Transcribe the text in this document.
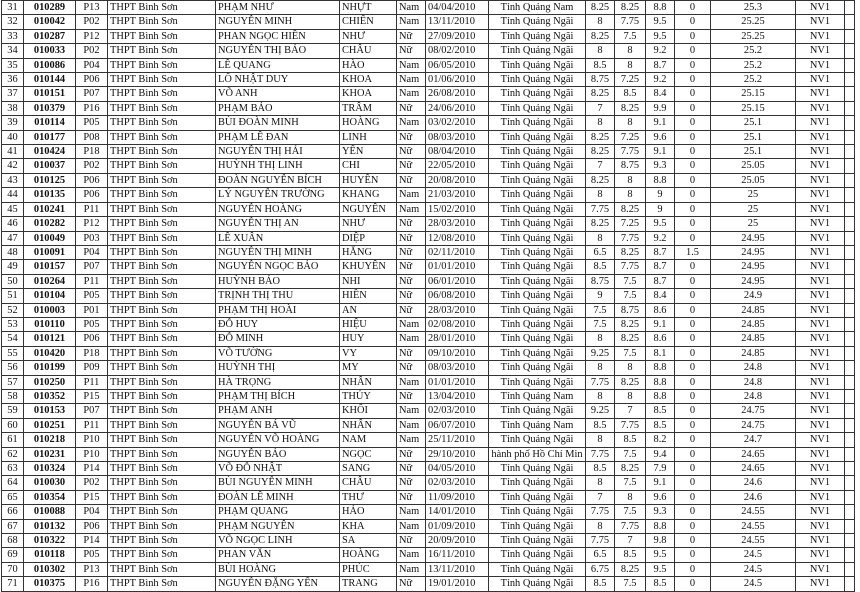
31	010289	P13	THPT Bình Sơn	PHẠM NHƯ	NHỰT	Nam	04/04/2010	Tỉnh Quảng Nam	8.25	8.25	8.8	0	25.3	NV1	
32	010042	P02	THPT Bình Sơn	NGUYỄN MINH	CHIẾN	Nam	13/11/2010	Tỉnh Quảng Ngãi	8	7.75	9.5	0	25.25	NV1	
33	010287	P12	THPT Bình Sơn	PHAN NGỌC HIỀN	NHƯ	Nữ	27/09/2010	Tỉnh Quảng Ngãi	8.25	7.5	9.5	0	25.25	NV1	
34	010033	P02	THPT Bình Sơn	NGUYỄN THỊ BẢO	CHÂU	Nữ	08/02/2010	Tỉnh Quảng Ngãi	8	8	9.2	0	25.2	NV1	
35	010086	P04	THPT Bình Sơn	LÊ QUANG	HÀO	Nam	06/05/2010	Tỉnh Quảng Ngãi	8.5	8	8.7	0	25.2	NV1	
36	010144	P06	THPT Bình Sơn	LÔ NHẬT DUY	KHOA	Nam	01/06/2010	Tỉnh Quảng Ngãi	8.75	7.25	9.2	0	25.2	NV1	
37	010151	P07	THPT Bình Sơn	VÕ ANH	KHOA	Nam	26/08/2010	Tỉnh Quảng Ngãi	8.25	8.5	8.4	0	25.15	NV1	
38	010379	P16	THPT Bình Sơn	PHẠM BẢO	TRÂM	Nữ	24/06/2010	Tỉnh Quảng Ngãi	7	8.25	9.9	0	25.15	NV1	
39	010114	P05	THPT Bình Sơn	BÙI ĐOÀN MINH	HOÀNG	Nam	03/02/2010	Tỉnh Quảng Ngãi	8	8	9.1	0	25.1	NV1	
40	010177	P08	THPT Bình Sơn	PHẠM LÊ ĐAN	LINH	Nữ	08/03/2010	Tỉnh Quảng Ngãi	8.25	7.25	9.6	0	25.1	NV1	
41	010424	P18	THPT Bình Sơn	NGUYỄN THỊ HẢI	YẾN	Nữ	08/04/2010	Tỉnh Quảng Ngãi	8.25	7.75	9.1	0	25.1	NV1	
42	010037	P02	THPT Bình Sơn	HUỲNH THỊ LINH	CHI	Nữ	22/05/2010	Tỉnh Quảng Ngãi	7	8.75	9.3	0	25.05	NV1	
43	010125	P06	THPT Bình Sơn	ĐOÀN NGUYỄN BÍCH	HUYỀN	Nữ	20/08/2010	Tỉnh Quảng Ngãi	8.25	8	8.8	0	25.05	NV1	
44	010135	P06	THPT Bình Sơn	LÝ NGUYỄN TRƯỜNG	KHANG	Nam	21/03/2010	Tỉnh Quảng Ngãi	8	8	9	0	25	NV1	
45	010241	P11	THPT Bình Sơn	NGUYỄN HOÀNG	NGUYÊN	Nam	15/02/2010	Tỉnh Quảng Ngãi	7.75	8.25	9	0	25	NV1	
46	010282	P12	THPT Bình Sơn	NGUYỄN THỊ AN	NHƯ	Nữ	28/03/2010	Tỉnh Quảng Ngãi	8.25	7.25	9.5	0	25	NV1	
47	010049	P03	THPT Bình Sơn	LÊ XUÂN	DIỆP	Nữ	12/08/2010	Tỉnh Quảng Ngãi	8	7.75	9.2	0	24.95	NV1	
48	010091	P04	THPT Bình Sơn	NGUYỄN THỊ MINH	HẰNG	Nữ	02/11/2010	Tỉnh Quảng Ngãi	6.5	8.25	8.7	1.5	24.95	NV1	
49	010157	P07	THPT Bình Sơn	NGUYỄN NGỌC BẢO	KHUYÊN	Nữ	01/01/2010	Tỉnh Quảng Ngãi	8.5	7.75	8.7	0	24.95	NV1	
50	010264	P11	THPT Bình Sơn	HUỲNH BẢO	NHI	Nữ	06/01/2010	Tỉnh Quảng Ngãi	8.75	7.5	8.7	0	24.95	NV1	
51	010104	P05	THPT Bình Sơn	TRỊNH THỊ THU	HIỀN	Nữ	06/08/2010	Tỉnh Quảng Ngãi	9	7.5	8.4	0	24.9	NV1	
52	010003	P01	THPT Bình Sơn	PHẠM THỊ HOÀI	AN	Nữ	28/03/2010	Tỉnh Quảng Ngãi	7.5	8.75	8.6	0	24.85	NV1	
53	010110	P05	THPT Bình Sơn	ĐỖ HUY	HIỆU	Nam	02/08/2010	Tỉnh Quảng Ngãi	7.5	8.25	9.1	0	24.85	NV1	
54	010121	P06	THPT Bình Sơn	ĐỖ MINH	HUY	Nam	28/01/2010	Tỉnh Quảng Ngãi	8	8.25	8.6	0	24.85	NV1	
55	010420	P18	THPT Bình Sơn	VÕ TƯỜNG	VY	Nữ	09/10/2010	Tỉnh Quảng Ngãi	9.25	7.5	8.1	0	24.85	NV1	
56	010199	P09	THPT Bình Sơn	HUỲNH THỊ	MY	Nữ	08/03/2010	Tỉnh Quảng Ngãi	8	8	8.8	0	24.8	NV1	
57	010250	P11	THPT Bình Sơn	HÀ TRỌNG	NHÂN	Nam	01/01/2010	Tỉnh Quảng Ngãi	7.75	8.25	8.8	0	24.8	NV1	
58	010352	P15	THPT Bình Sơn	PHẠM THỊ BÍCH	THỦY	Nữ	13/04/2010	Tỉnh Quảng Nam	8	8	8.8	0	24.8	NV1	
59	010153	P07	THPT Bình Sơn	PHẠM ANH	KHÔI	Nam	02/03/2010	Tỉnh Quảng Ngãi	9.25	7	8.5	0	24.75	NV1	
60	010251	P11	THPT Bình Sơn	NGUYỄN BÁ VŨ	NHÂN	Nam	06/07/2010	Tỉnh Quảng Nam	8.5	7.75	8.5	0	24.75	NV1	
61	010218	P10	THPT Bình Sơn	NGUYỄN VÕ HOÀNG	NAM	Nam	25/11/2010	Tỉnh Quảng Ngãi	8	8.5	8.2	0	24.7	NV1	
62	010231	P10	THPT Bình Sơn	NGUYỄN BẢO	NGỌC	Nữ	29/10/2010	hành phố Hồ Chí Min	7.75	7.5	9.4	0	24.65	NV1	
63	010324	P14	THPT Bình Sơn	VÕ ĐỖ NHẬT	SANG	Nữ	04/05/2010	Tỉnh Quảng Ngãi	8.5	8.25	7.9	0	24.65	NV1	
64	010030	P02	THPT Bình Sơn	BÙI NGUYỄN MINH	CHÂU	Nữ	02/03/2010	Tỉnh Quảng Ngãi	8	7.5	9.1	0	24.6	NV1	
65	010354	P15	THPT Bình Sơn	ĐOÀN LÊ MINH	THƯ	Nữ	11/09/2010	Tỉnh Quảng Ngãi	7	8	9.6	0	24.6	NV1	
66	010088	P04	THPT Bình Sơn	PHẠM QUANG	HẢO	Nam	14/01/2010	Tỉnh Quảng Ngãi	7.75	7.5	9.3	0	24.55	NV1	
67	010132	P06	THPT Bình Sơn	PHẠM NGUYÊN	KHA	Nam	01/09/2010	Tỉnh Quảng Ngãi	8	7.75	8.8	0	24.55	NV1	
68	010322	P14	THPT Bình Sơn	VÕ NGỌC LINH	SA	Nữ	20/09/2010	Tỉnh Quảng Ngãi	7.75	7	9.8	0	24.55	NV1	
69	010118	P05	THPT Bình Sơn	PHAN VĂN	HOÀNG	Nam	16/11/2010	Tỉnh Quảng Ngãi	6.5	8.5	9.5	0	24.5	NV1	
70	010302	P13	THPT Bình Sơn	BÙI HOÀNG	PHÚC	Nam	13/11/2010	Tỉnh Quảng Ngãi	6.75	8.25	9.5	0	24.5	NV1	
71	010375	P16	THPT Bình Sơn	NGUYỄN ĐẶNG YẾN	TRANG	Nữ	19/01/2010	Tỉnh Quảng Ngãi	8.5	7.5	8.5	0	24.5	NV1	
